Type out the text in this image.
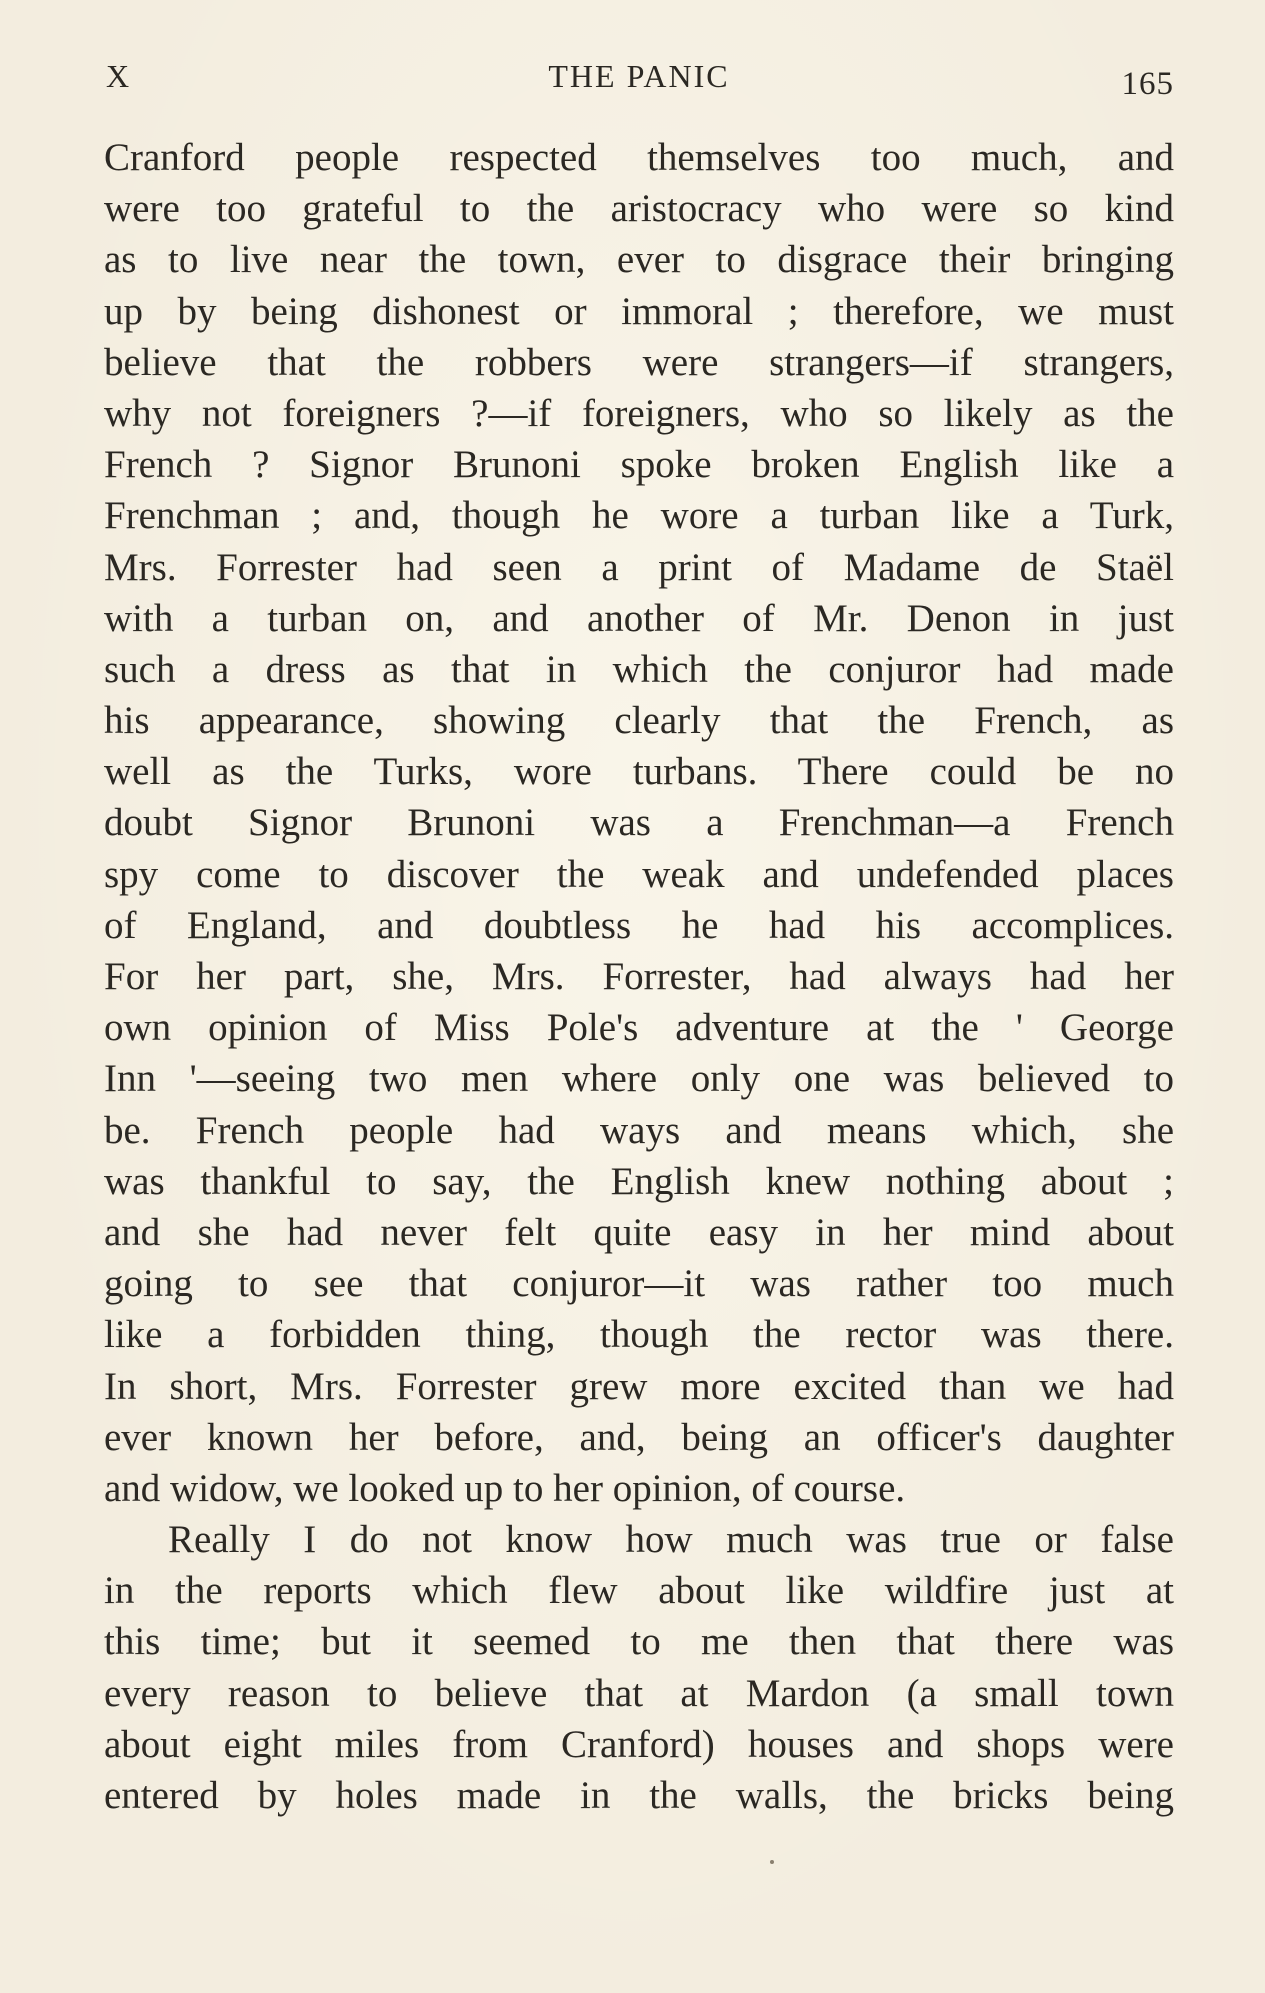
X	THE PANIC	165
Cranford people respected themselves too much, and
were too grateful to the aristocracy who were so kind
as to live near the town, ever to disgrace their bringing
up by being dishonest or immoral ; therefore, we must
believe that the robbers were strangers—if strangers,
why not foreigners ?—if foreigners, who so likely as the
French ? Signor Brunoni spoke broken English like a
Frenchman ; and, though he wore a turban like a Turk,
Mrs. Forrester had seen a print of Madame de Staël
with a turban on, and another of Mr. Denon in just
such a dress as that in which the conjuror had made
his appearance, showing clearly that the French, as
well as the Turks, wore turbans. There could be no
doubt Signor Brunoni was a Frenchman—a French
spy come to discover the weak and undefended places
of England, and doubtless he had his accomplices.
For her part, she, Mrs. Forrester, had always had her
own opinion of Miss Pole's adventure at the ' George
Inn '—seeing two men where only one was believed to
be. French people had ways and means which, she
was thankful to say, the English knew nothing about ;
and she had never felt quite easy in her mind about
going to see that conjuror—it was rather too much
like a forbidden thing, though the rector was there.
In short, Mrs. Forrester grew more excited than we had
ever known her before, and, being an officer's daughter
and widow, we looked up to her opinion, of course.
Really I do not know how much was true or false
in the reports which flew about like wildfire just at
this time; but it seemed to me then that there was
every reason to believe that at Mardon (a small town
about eight miles from Cranford) houses and shops were
entered by holes made in the walls, the bricks being
